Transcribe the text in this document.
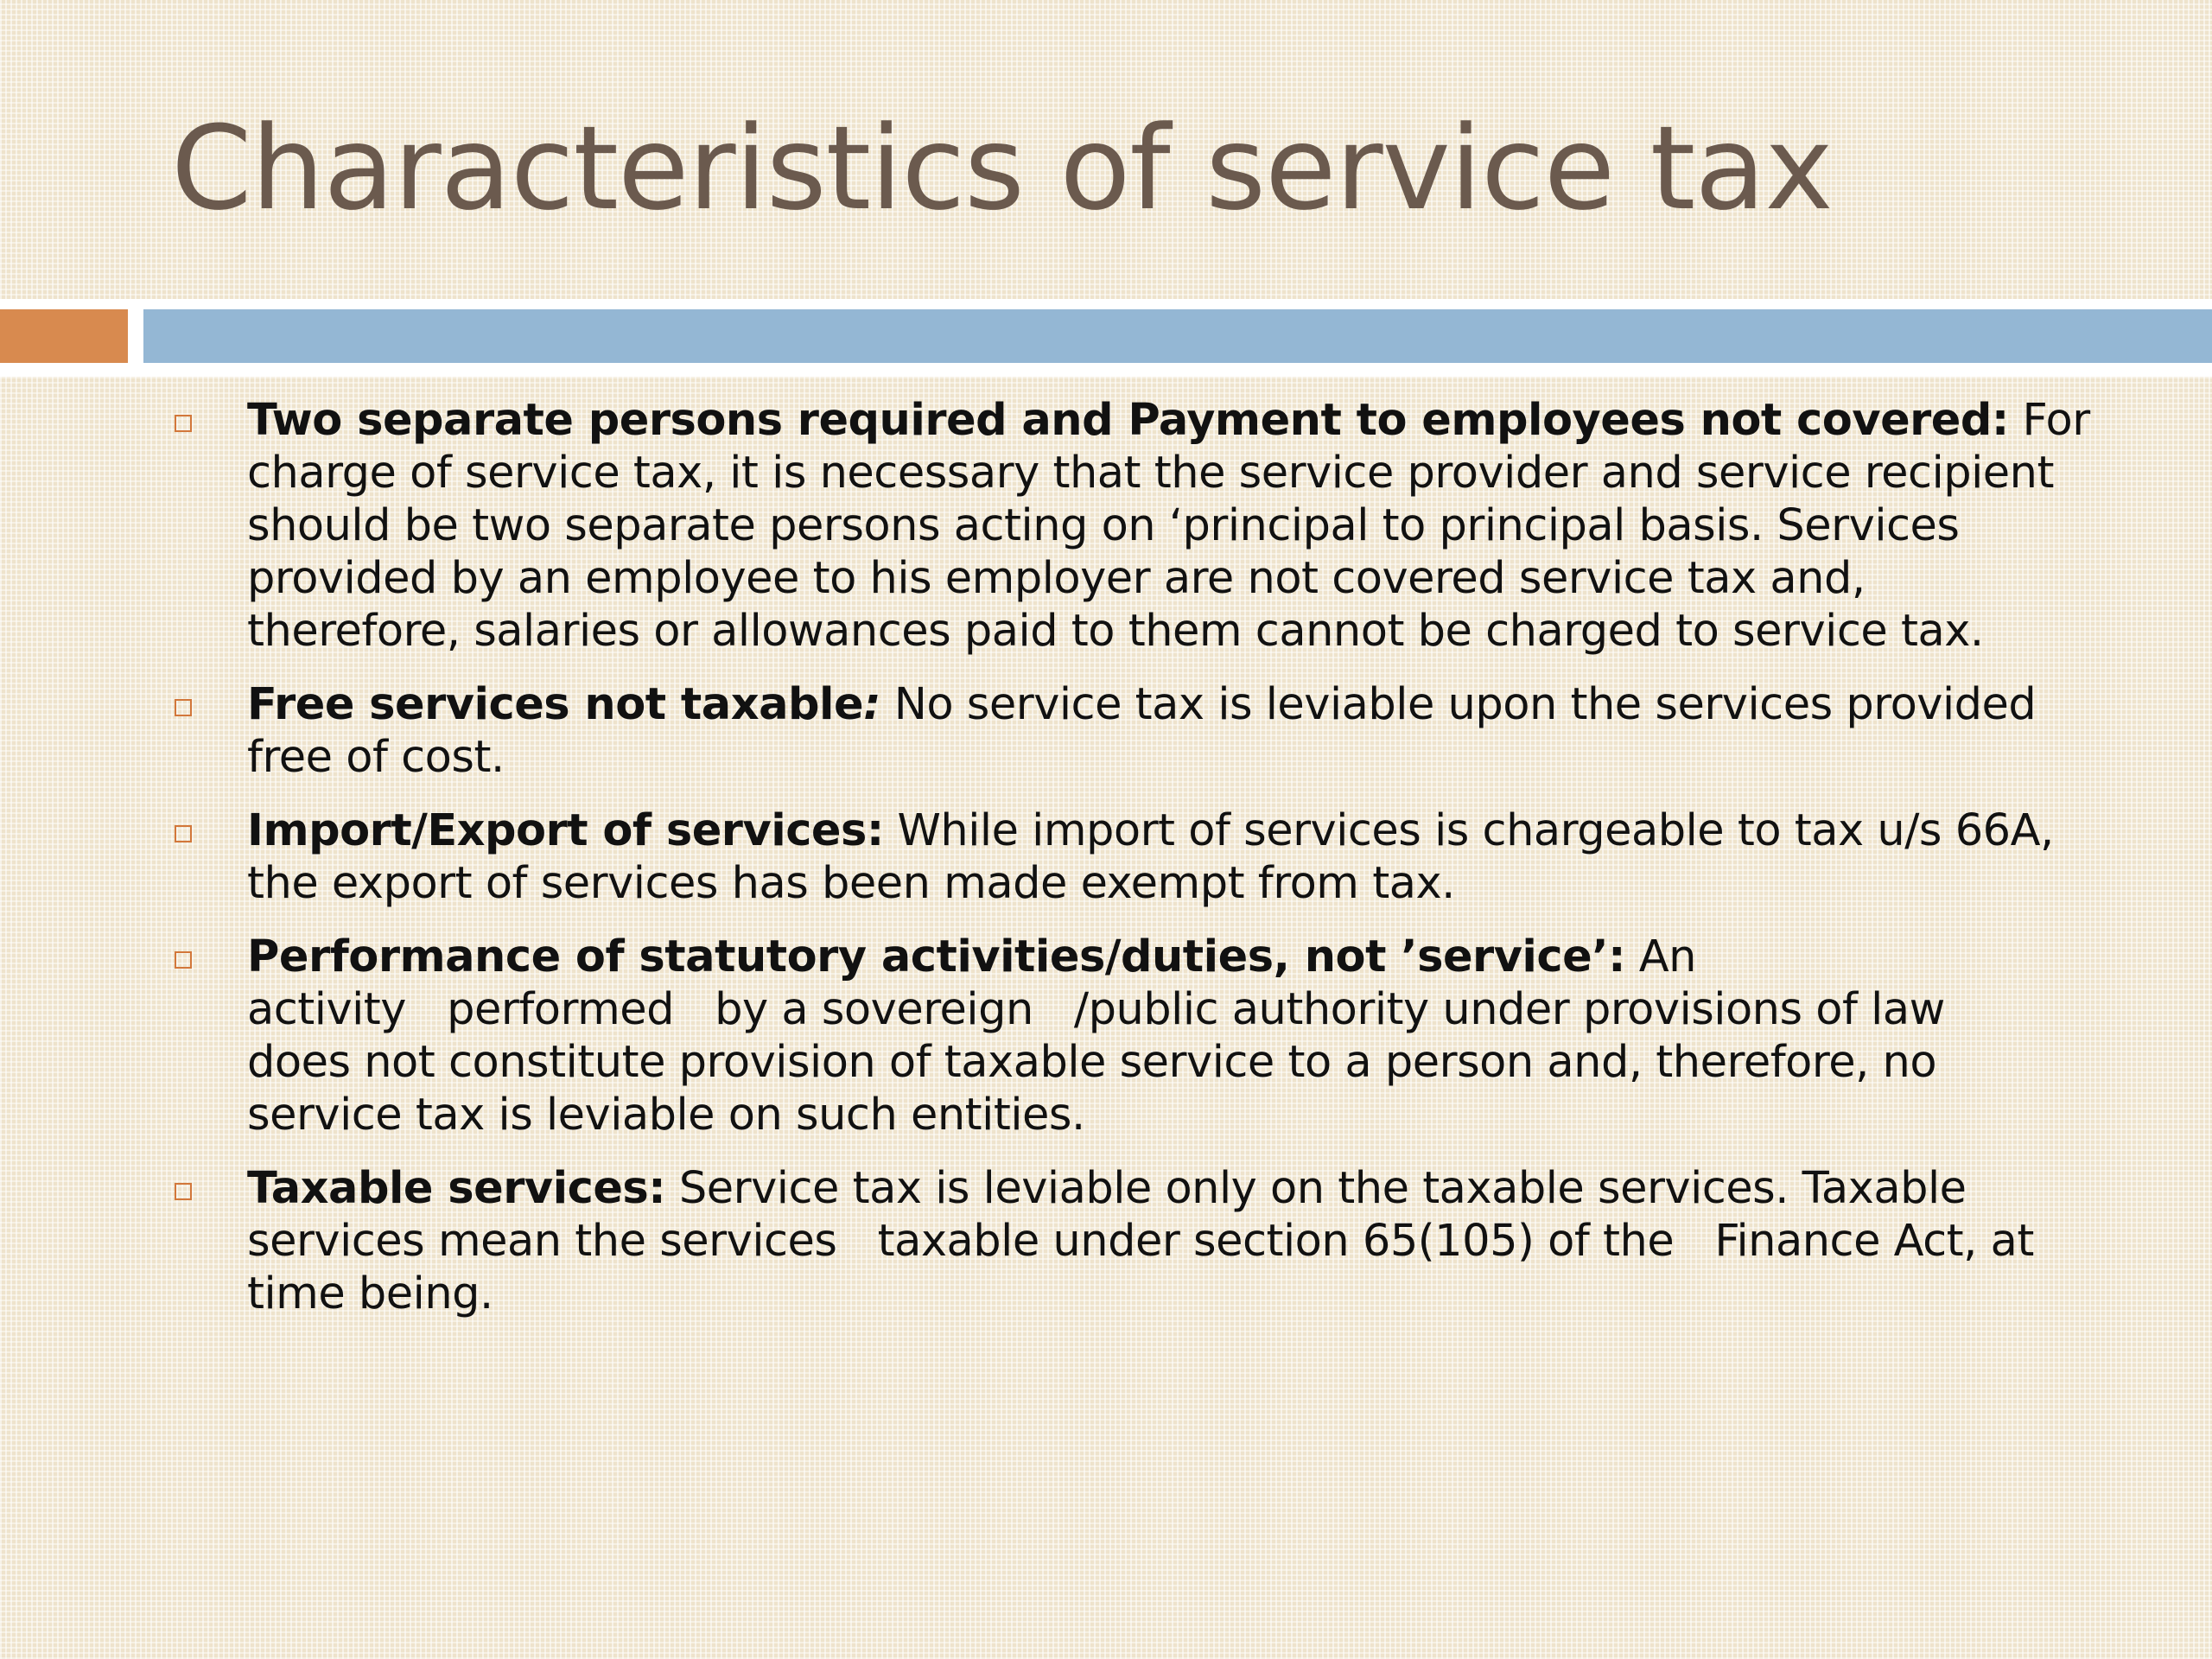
Characteristics of service tax
Two separate persons required and Payment to employees not covered: For
charge of service tax, it is necessary that the service provider and service recipient
should be two separate persons acting on ‘principal to principal basis. Services
provided by an employee to his employer are not covered service tax and,
therefore, salaries or allowances paid to them cannot be charged to service tax.
Free services not taxable: No service tax is leviable upon the services provided
free of cost.
Import/Export of services: While import of services is chargeable to tax u/s 66A,
the export of services has been made exempt from tax.
Performance of statutory activities/duties, not ’service’: An
activity   performed   by a sovereign   /public authority under provisions of law
does not constitute provision of taxable service to a person and, therefore, no
service tax is leviable on such entities.
Taxable services: Service tax is leviable only on the taxable services. Taxable
services mean the services   taxable under section 65(105) of the   Finance Act, at
time being.
